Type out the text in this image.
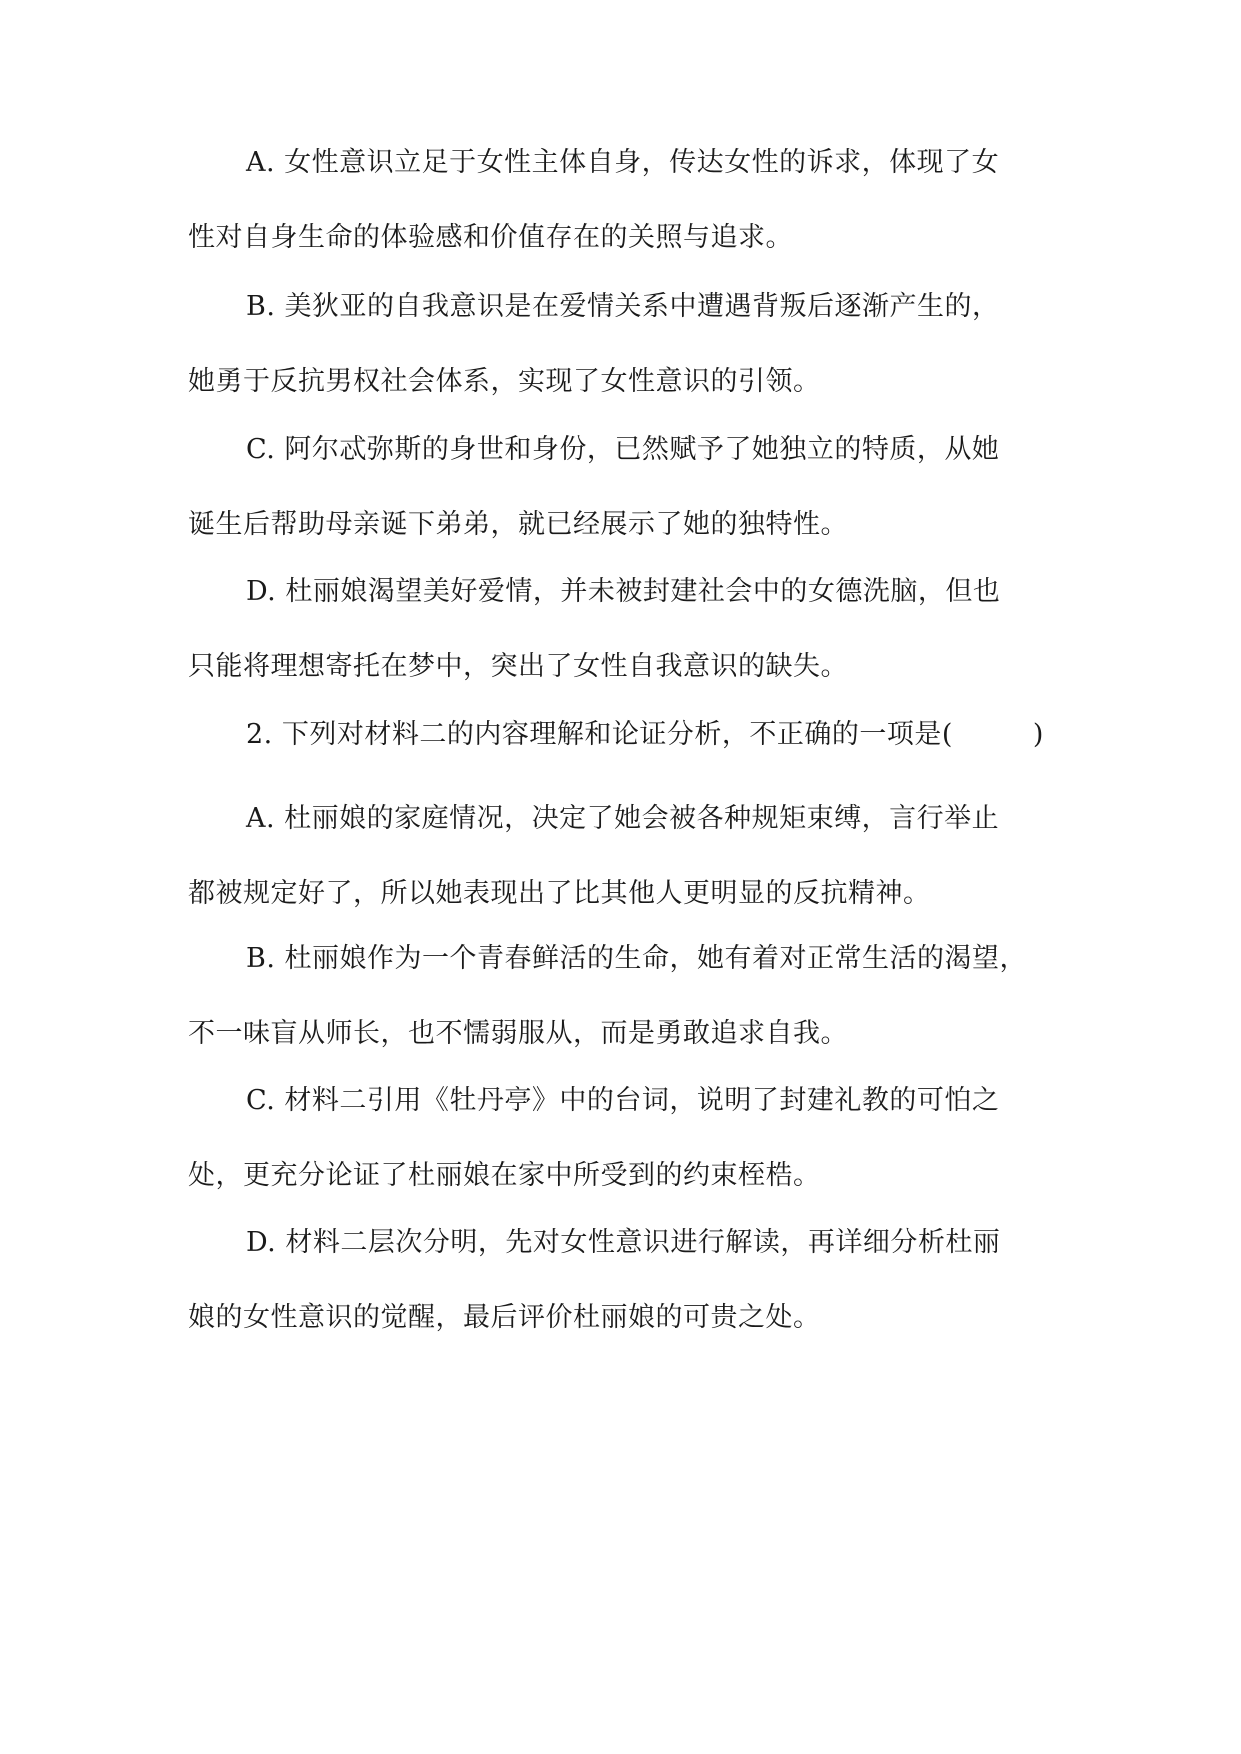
A. 女性意识立足于女性主体自身，传达女性的诉求，体现了女
性对自身生命的体验感和价值存在的关照与追求。
B. 美狄亚的自我意识是在爱情关系中遭遇背叛后逐渐产生的，
她勇于反抗男权社会体系，实现了女性意识的引领。
C. 阿尔忒弥斯的身世和身份，已然赋予了她独立的特质，从她
诞生后帮助母亲诞下弟弟，就已经展示了她的独特性。
D. 杜丽娘渴望美好爱情，并未被封建社会中的女德洗脑，但也
只能将理想寄托在梦中，突出了女性自我意识的缺失。
2. 下列对材料二的内容理解和论证分析，不正确的一项是(	)
A. 杜丽娘的家庭情况，决定了她会被各种规矩束缚，言行举止
都被规定好了，所以她表现出了比其他人更明显的反抗精神。
B. 杜丽娘作为一个青春鲜活的生命，她有着对正常生活的渴望，
不一味盲从师长，也不懦弱服从，而是勇敢追求自我。
C. 材料二引用《牡丹亭》中的台词，说明了封建礼教的可怕之
处，更充分论证了杜丽娘在家中所受到的约束桎梏。
D. 材料二层次分明，先对女性意识进行解读，再详细分析杜丽
娘的女性意识的觉醒，最后评价杜丽娘的可贵之处。
